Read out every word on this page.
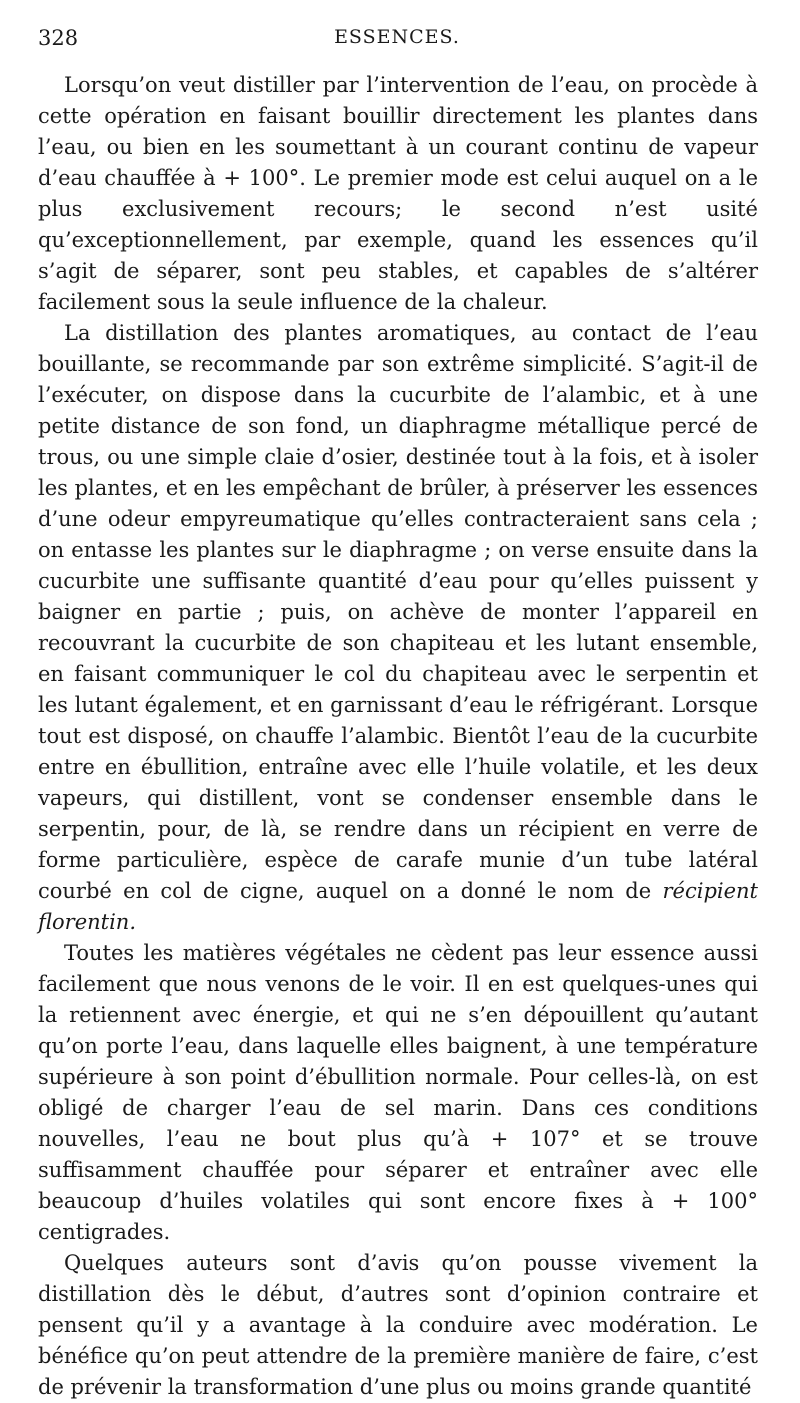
328	ESSENCES.

Lorsqu’on veut distiller par l’intervention de l’eau, on procède à cette opération en faisant bouillir directement les plantes dans l’eau, ou bien en les soumettant à un courant continu de vapeur d’eau chauffée à + 100°. Le premier mode est celui auquel on a le plus exclusivement recours; le second n’est usité qu’exceptionnellement, par exemple, quand les essences qu’il s’agit de séparer, sont peu stables, et capables de s’altérer facilement sous la seule influence de la chaleur.

La distillation des plantes aromatiques, au contact de l’eau bouillante, se recommande par son extrême simplicité. S’agit-il de l’exécuter, on dispose dans la cucurbite de l’alambic, et à une petite distance de son fond, un diaphragme métallique percé de trous, ou une simple claie d’osier, destinée tout à la fois, et à isoler les plantes, et en les empêchant de brûler, à préserver les essences d’une odeur empyreumatique qu’elles contracteraient sans cela ; on entasse les plantes sur le diaphragme ; on verse ensuite dans la cucurbite une suffisante quantité d’eau pour qu’elles puissent y baigner en partie ; puis, on achève de monter l’appareil en recouvrant la cucurbite de son chapiteau et les lutant ensemble, en faisant communiquer le col du chapiteau avec le serpentin et les lutant également, et en garnissant d’eau le réfrigérant. Lorsque tout est disposé, on chauffe l’alambic. Bientôt l’eau de la cucurbite entre en ébullition, entraîne avec elle l’huile volatile, et les deux vapeurs, qui distillent, vont se condenser ensemble dans le serpentin, pour, de là, se rendre dans un récipient en verre de forme particulière, espèce de carafe munie d’un tube latéral courbé en col de cigne, auquel on a donné le nom de récipient florentin.

Toutes les matières végétales ne cèdent pas leur essence aussi facilement que nous venons de le voir. Il en est quelques-unes qui la retiennent avec énergie, et qui ne s’en dépouillent qu’autant qu’on porte l’eau, dans laquelle elles baignent, à une température supérieure à son point d’ébullition normale. Pour celles-là, on est obligé de charger l’eau de sel marin. Dans ces conditions nouvelles, l’eau ne bout plus qu’à + 107° et se trouve suffisamment chauffée pour séparer et entraîner avec elle beaucoup d’huiles volatiles qui sont encore fixes à + 100° centigrades.

Quelques auteurs sont d’avis qu’on pousse vivement la distillation dès le début, d’autres sont d’opinion contraire et pensent qu’il y a avantage à la conduire avec modération. Le bénéfice qu’on peut attendre de la première manière de faire, c’est de prévenir la transformation d’une plus ou moins grande quantité
